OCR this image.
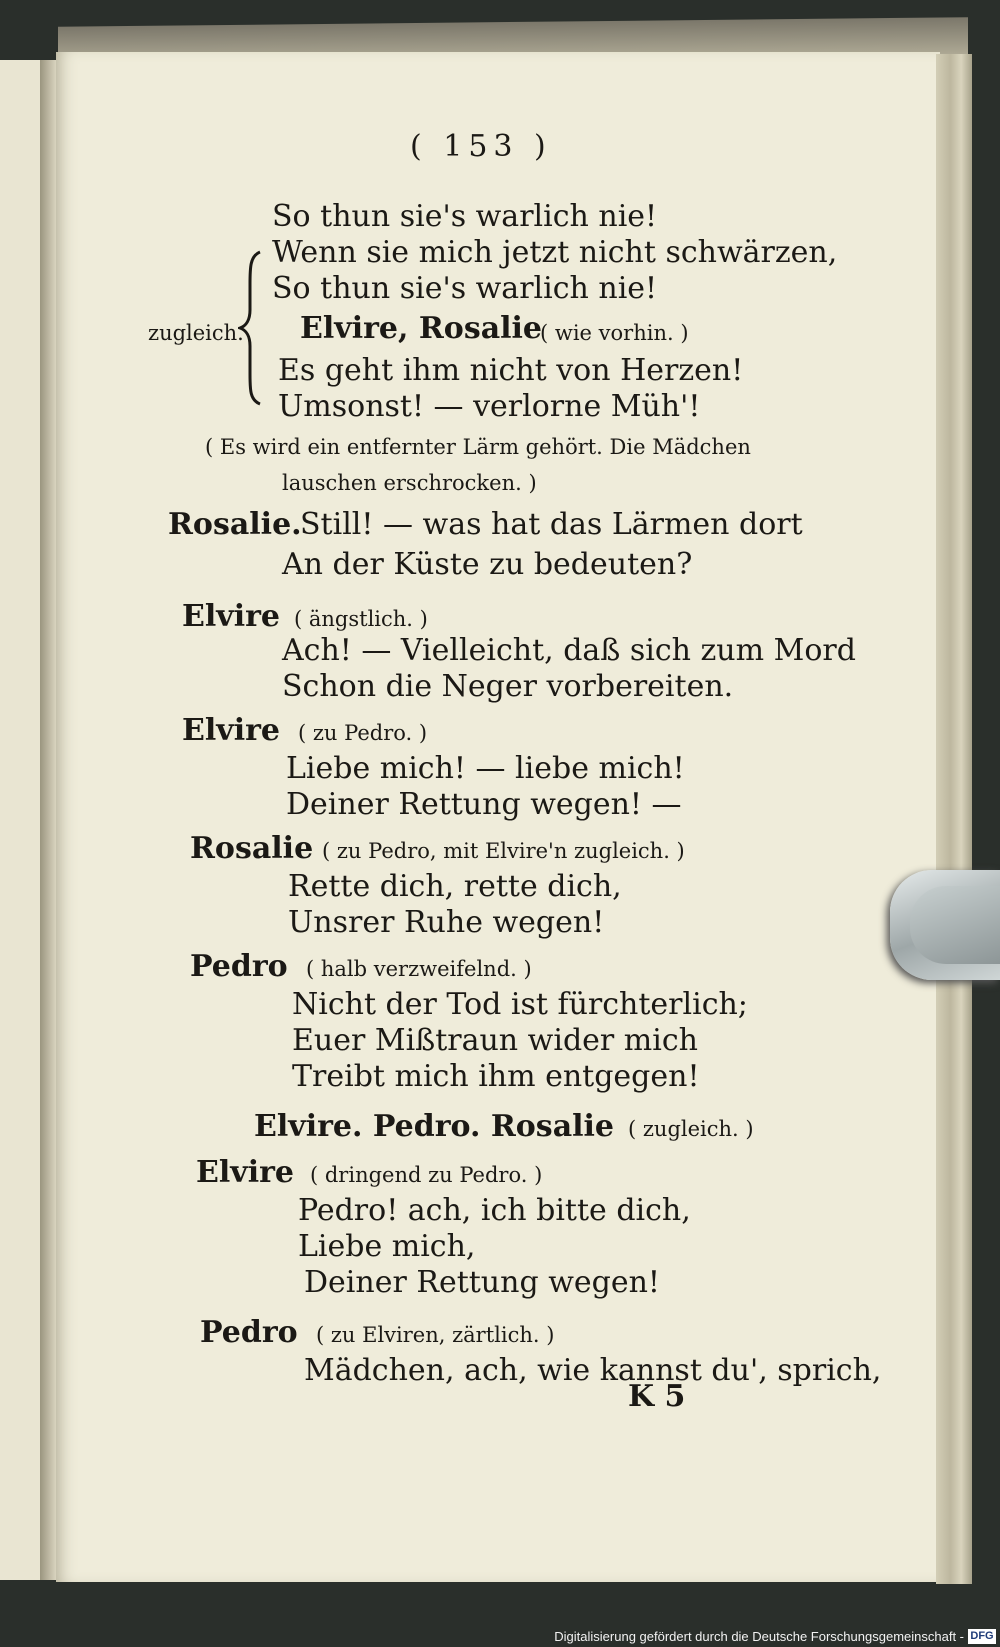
( 153 )
So thun sie's warlich nie!
Wenn sie mich jetzt nicht schwärzen,
So thun sie's warlich nie!
Elvire, Rosalie
( wie vorhin. )
Es geht ihm nicht von Herzen!
Umsonst! — verlorne Müh'!
( Es wird ein entfernter Lärm gehört. Die Mädchen
lauschen erschrocken. )
Rosalie.
Still! — was hat das Lärmen dort
An der Küste zu bedeuten?
Elvire ( ängstlich. )
Ach! — Vielleicht, daß sich zum Mord
Schon die Neger vorbereiten.
Elvire ( zu Pedro. )
Liebe mich! — liebe mich!
Deiner Rettung wegen! —
Rosalie ( zu Pedro, mit Elvire'n zugleich. )
Rette dich, rette dich,
Unsrer Ruhe wegen!
Pedro ( halb verzweifelnd. )
Nicht der Tod ist fürchterlich;
Euer Mißtraun wider mich
Treibt mich ihm entgegen!
Elvire. Pedro. Rosalie ( zugleich. )
Elvire ( dringend zu Pedro. )
Pedro! ach, ich bitte dich,
Liebe mich,
Deiner Rettung wegen!
Pedro ( zu Elviren, zärtlich. )
Mädchen, ach, wie kannst du', sprich,
zugleich.
K 5
Digitalisierung gefördert durch die Deutsche Forschungsgemeinschaft - DFG
